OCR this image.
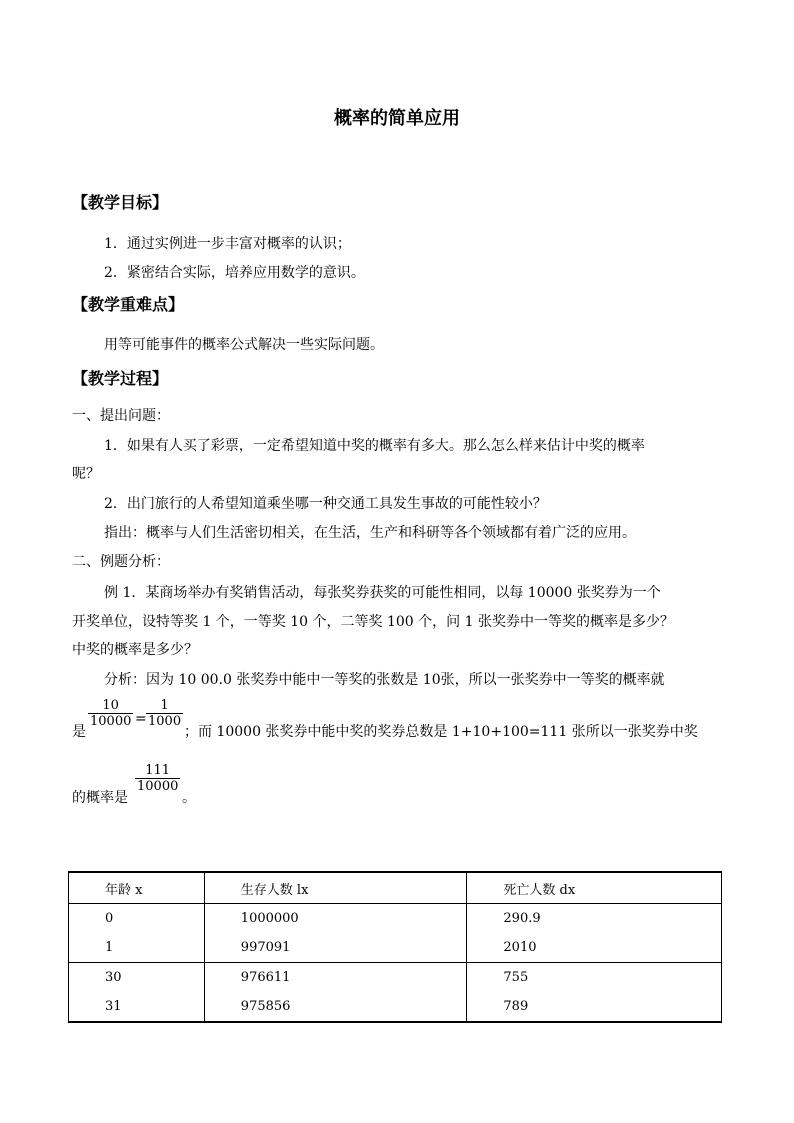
概率的简单应用
【教学目标】
1．通过实例进一步丰富对概率的认识；
2．紧密结合实际，培养应用数学的意识。
【教学重难点】
用等可能事件的概率公式解决一些实际问题。
【教学过程】
一、提出问题：
1．如果有人买了彩票，一定希望知道中奖的概率有多大。那么怎么样来估计中奖的概率
呢？
2．出门旅行的人希望知道乘坐哪一种交通工具发生事故的可能性较小？
指出：概率与人们生活密切相关，在生活，生产和科研等各个领域都有着广泛的应用。
二、例题分析：
例 1．某商场举办有奖销售活动，每张奖券获奖的可能性相同，以每 10000 张奖券为一个
开奖单位，设特等奖 1 个，一等奖 10 个，二等奖 100 个，问 1 张奖券中一等奖的概率是多少？
中奖的概率是多少？
分析：因为 10 00.0 张奖券中能中一等奖的张数是 10张，所以一张奖券中一等奖的概率就
是
10
10000 =
1
1000
；而 10000 张奖券中能中奖的奖券总数是 1+10+100=111 张所以一张奖券中奖
的概率是
111
10000
。
年龄 x	生存人数 lx	死亡人数 dx
0	1000000	290.9
1	997091	2010
30	976611	755
31	975856	789
